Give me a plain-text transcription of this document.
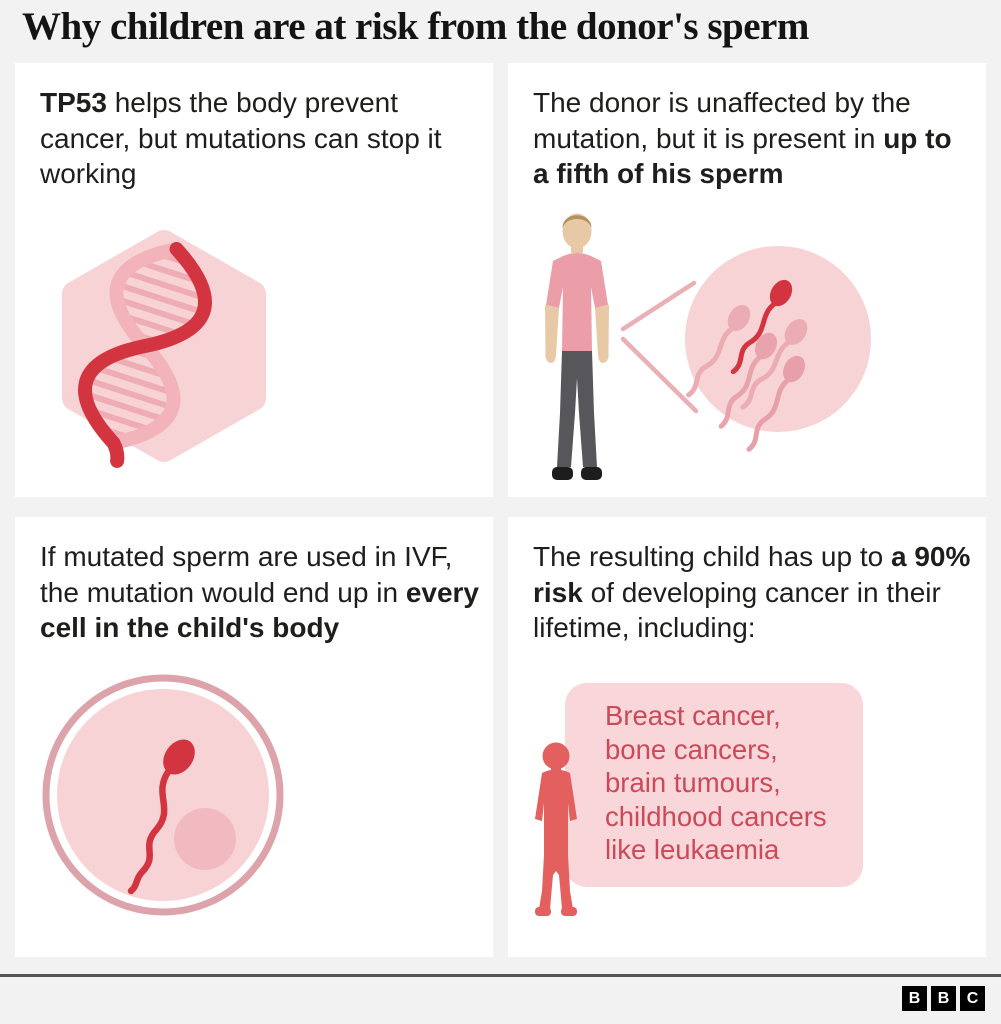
Why children are at risk from the donor's sperm
TP53 helps the body prevent cancer, but mutations can stop it working
The donor is unaffected by the mutation, but it is present in up to a fifth of his sperm
If mutated sperm are used in IVF, the mutation would end up in every cell in the child's body
The resulting child has up to a 90% risk of developing cancer in their lifetime, including:
Breast cancer,
bone cancers,
brain tumours,
childhood cancers
like leukaemia
B	B	C
